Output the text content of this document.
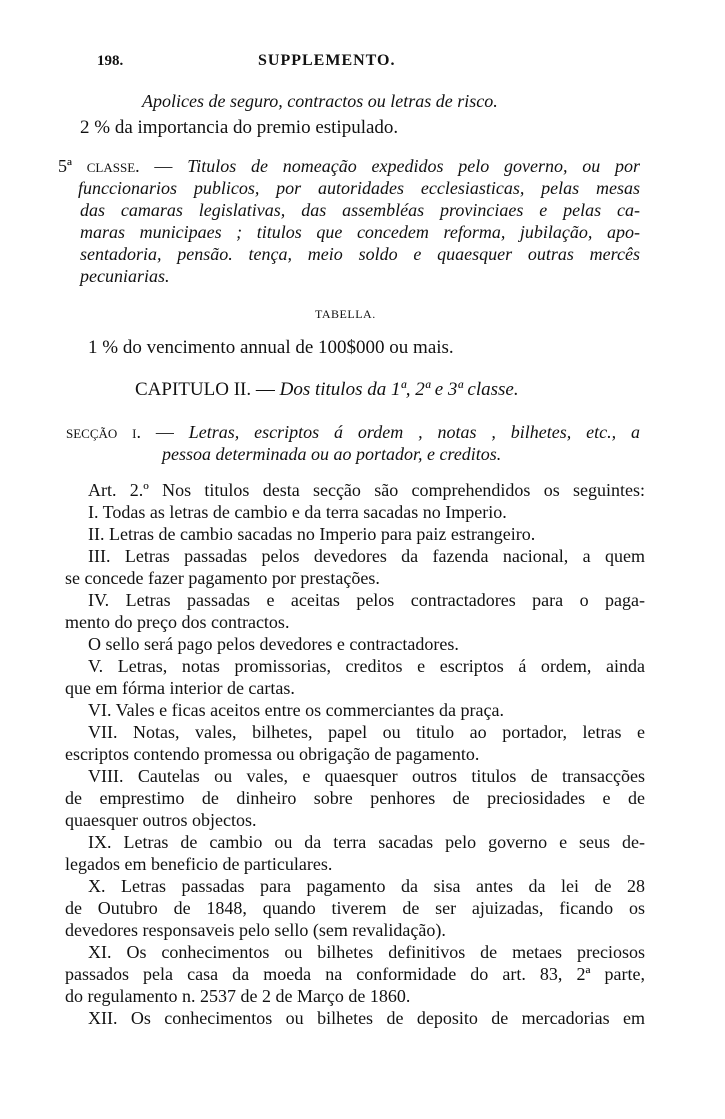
198.	SUPPLEMENTO.
Apolices de seguro, contractos ou letras de risco.
2 % da importancia do premio estipulado.
5ª classe. — Titulos de nomeação expedidos pelo governo, ou por
funccionarios publicos, por autoridades ecclesiasticas, pelas mesas
das camaras legislativas, das assembléas provinciaes e pelas ca-
maras municipaes ; titulos que concedem reforma, jubilação, apo-
sentadoria, pensão. tença, meio soldo e quaesquer outras mercês
pecuniarias.
TABELLA.
1 % do vencimento annual de 100$000 ou mais.
CAPITULO II. — Dos titulos da 1ª, 2ª e 3ª classe.
secção i. — Letras, escriptos á ordem , notas , bilhetes, etc., a
pessoa determinada ou ao portador, e creditos.
Art. 2.º Nos titulos desta secção são comprehendidos os seguintes:
I. Todas as letras de cambio e da terra sacadas no Imperio.
II. Letras de cambio sacadas no Imperio para paiz estrangeiro.
III. Letras passadas pelos devedores da fazenda nacional, a quem
se concede fazer pagamento por prestações.
IV. Letras passadas e aceitas pelos contractadores para o paga-
mento do preço dos contractos.
O sello será pago pelos devedores e contractadores.
V. Letras, notas promissorias, creditos e escriptos á ordem, ainda
que em fórma interior de cartas.
VI. Vales e ficas aceitos entre os commerciantes da praça.
VII. Notas, vales, bilhetes, papel ou titulo ao portador, letras e
escriptos contendo promessa ou obrigação de pagamento.
VIII. Cautelas ou vales, e quaesquer outros titulos de transacções
de emprestimo de dinheiro sobre penhores de preciosidades e de
quaesquer outros objectos.
IX. Letras de cambio ou da terra sacadas pelo governo e seus de-
legados em beneficio de particulares.
X. Letras passadas para pagamento da sisa antes da lei de 28
de Outubro de 1848, quando tiverem de ser ajuizadas, ficando os
devedores responsaveis pelo sello (sem revalidação).
XI. Os conhecimentos ou bilhetes definitivos de metaes preciosos
passados pela casa da moeda na conformidade do art. 83, 2ª parte,
do regulamento n. 2537 de 2 de Março de 1860.
XII. Os conhecimentos ou bilhetes de deposito de mercadorias em
